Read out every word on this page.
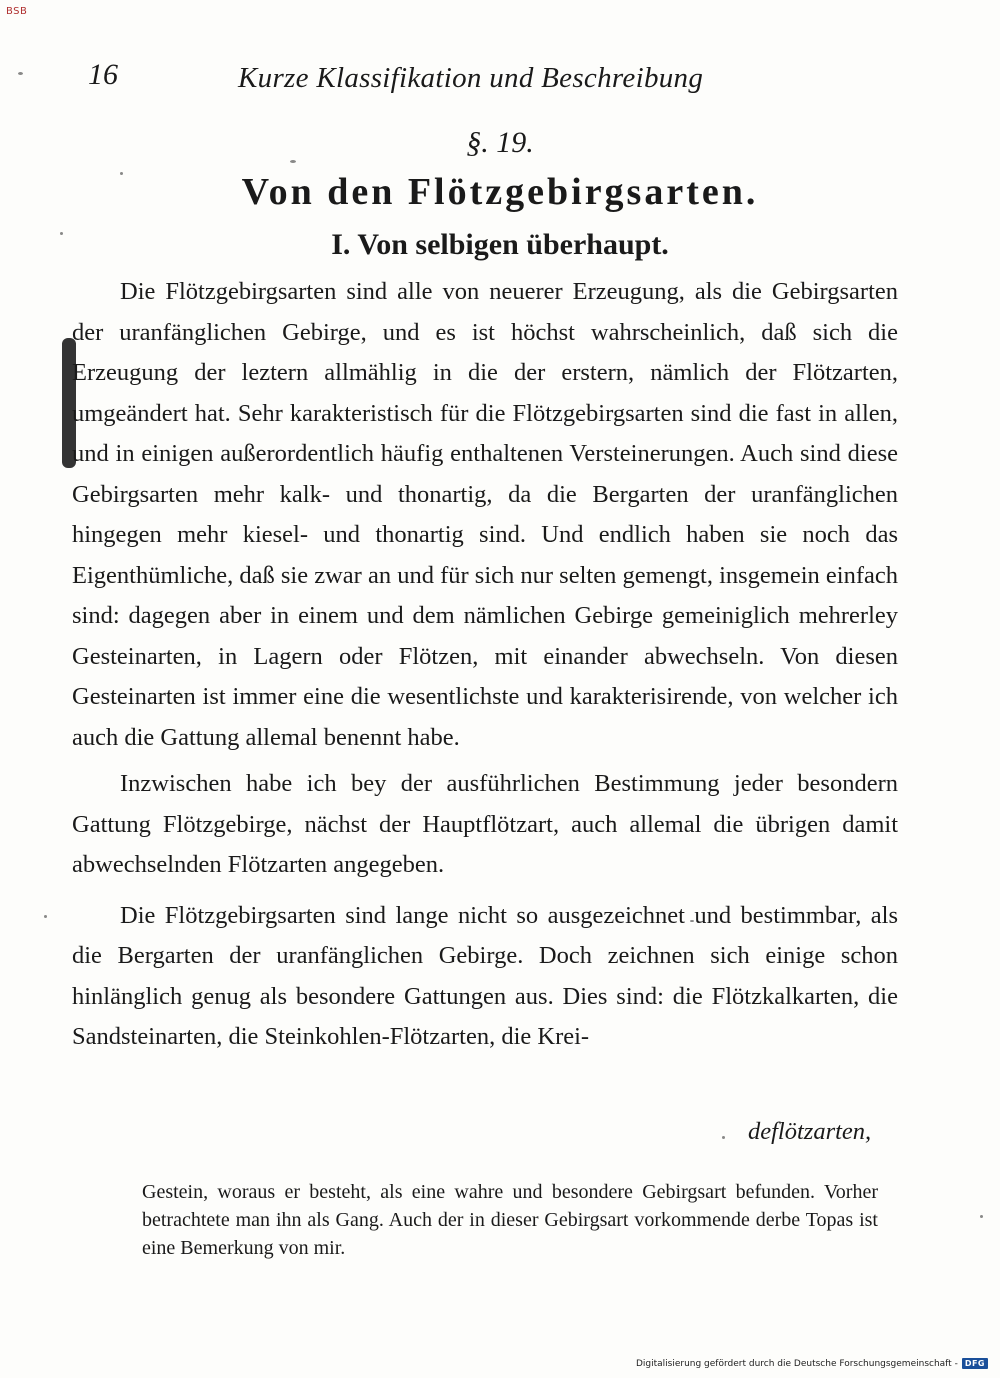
BSB
16	Kurze Klassifikation und Beschreibung
§. 19.
Von den Flötzgebirgsarten.
I. Von selbigen überhaupt.

Die Flötzgebirgsarten sind alle von neuerer Erzeugung, als die Gebirgsarten der uranfänglichen Gebirge, und es ist höchst wahrscheinlich, daß sich die Erzeugung der leztern allmählig in die der erstern, nämlich der Flötzarten, umgeändert hat. Sehr karakteristisch für die Flötzgebirgsarten sind die fast in allen, und in einigen außerordentlich häufig enthaltenen Versteinerungen. Auch sind diese Gebirgsarten mehr kalk- und thonartig, da die Bergarten der uranfänglichen hingegen mehr kiesel- und thonartig sind. Und endlich haben sie noch das Eigenthümliche, daß sie zwar an und für sich nur selten gemengt, insgemein einfach sind: dagegen aber in einem und dem nämlichen Gebirge gemeiniglich mehrerley Gesteinarten, in Lagern oder Flötzen, mit einander abwechseln. Von diesen Gesteinarten ist immer eine die wesentlichste und karakterisirende, von welcher ich auch die Gattung allemal benennt habe.

Inzwischen habe ich bey der ausführlichen Bestimmung jeder besondern Gattung Flötzgebirge, nächst der Hauptflötzart, auch allemal die übrigen damit abwechselnden Flötzarten angegeben.

Die Flötzgebirgsarten sind lange nicht so ausgezeichnet und bestimmbar, als die Bergarten der uranfänglichen Gebirge. Doch zeichnen sich einige schon hinlänglich genug als besondere Gattungen aus. Dies sind: die Flötzkalkarten, die Sandsteinarten, die Steinkohlen-Flötzarten, die Krei-

deflötzarten,

Gestein, woraus er besteht, als eine wahre und besondere Gebirgsart befunden. Vorher betrachtete man ihn als Gang. Auch der in dieser Gebirgsart vorkommende derbe Topas ist eine Bemerkung von mir.

Digitalisierung gefördert durch die Deutsche Forschungsgemeinschaft - DFG
